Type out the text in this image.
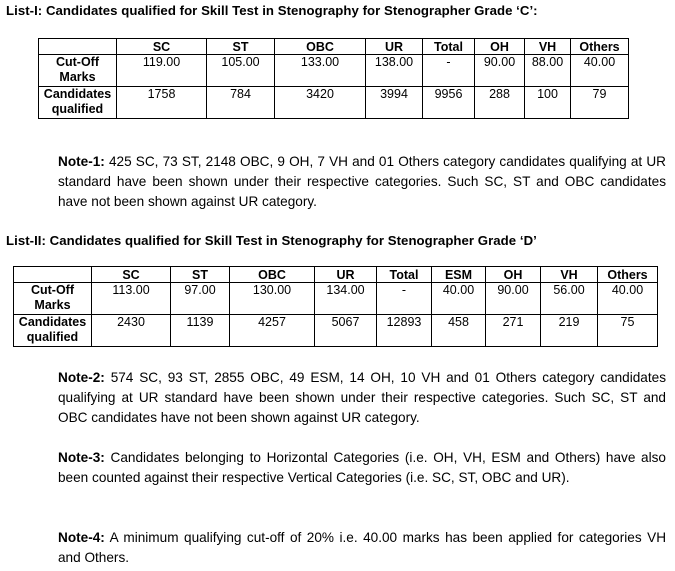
List-I: Candidates qualified for Skill Test in Stenography for Stenographer Grade ‘C’:
	SC	ST	OBC	UR	Total	OH	VH	Others
Cut-Off Marks	119.00	105.00	133.00	138.00	-	90.00	88.00	40.00
Candidates qualified	1758	784	3420	3994	9956	288	100	79
Note-1: 425 SC, 73 ST, 2148 OBC, 9 OH, 7 VH and 01 Others category candidates qualifying at UR standard have been shown under their respective categories. Such SC, ST and OBC candidates have not been shown against UR category.
List-II: Candidates qualified for Skill Test in Stenography for Stenographer Grade ‘D’
	SC	ST	OBC	UR	Total	ESM	OH	VH	Others
Cut-Off Marks	113.00	97.00	130.00	134.00	-	40.00	90.00	56.00	40.00
Candidates qualified	2430	1139	4257	5067	12893	458	271	219	75
Note-2: 574 SC, 93 ST, 2855 OBC, 49 ESM, 14 OH, 10 VH and 01 Others category candidates qualifying at UR standard have been shown under their respective categories. Such SC, ST and OBC candidates have not been shown against UR category.
Note-3: Candidates belonging to Horizontal Categories (i.e. OH, VH, ESM and Others) have also been counted against their respective Vertical Categories (i.e. SC, ST, OBC and UR).
Note-4: A minimum qualifying cut-off of 20% i.e. 40.00 marks has been applied for categories VH and Others.
